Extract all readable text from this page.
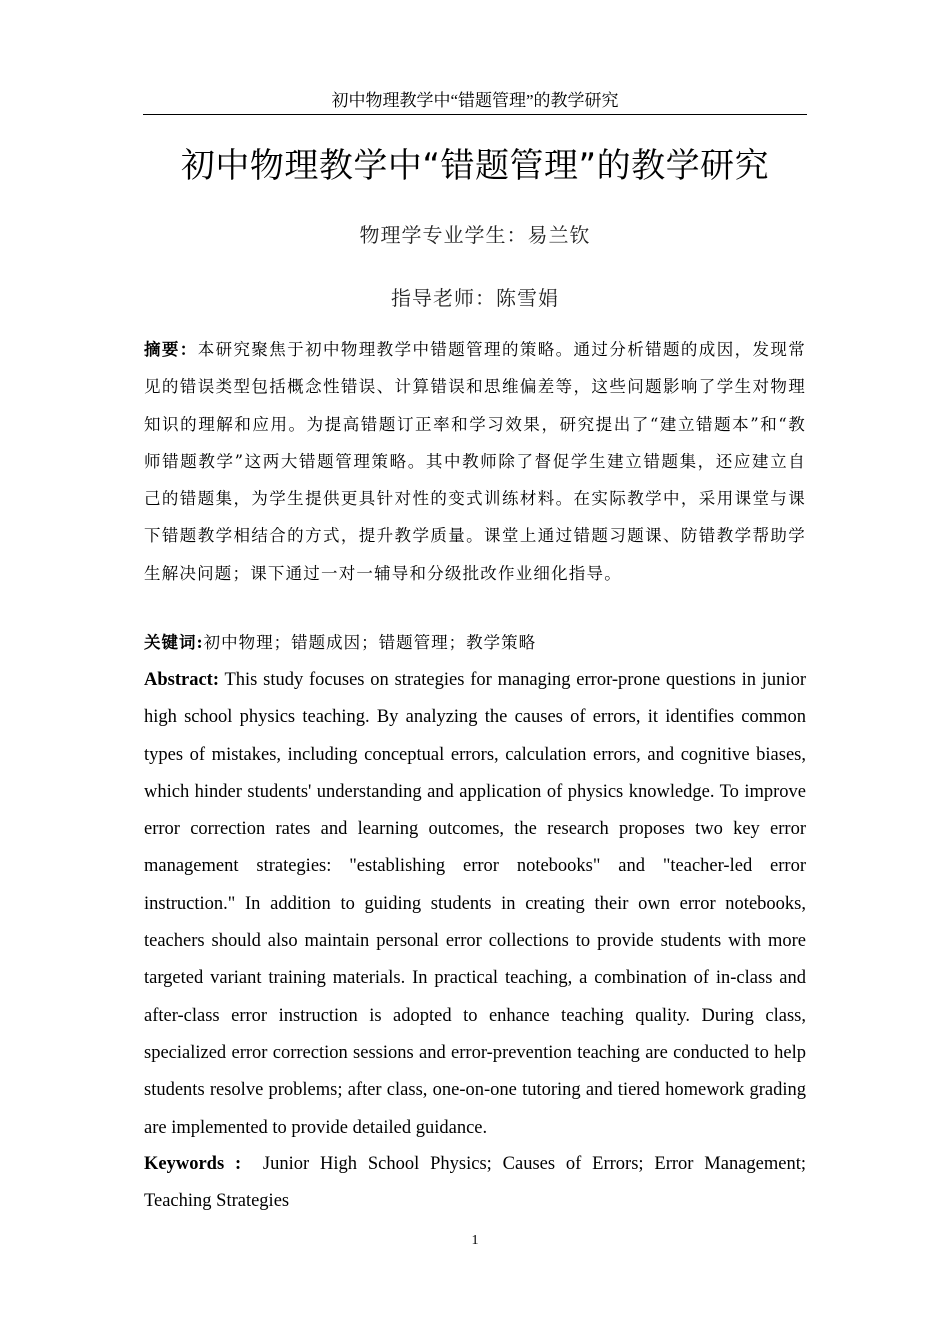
初中物理教学中“错题管理”的教学研究
初中物理教学中“错题管理”的教学研究
物理学专业学生：易兰钦
指导老师：陈雪娟

摘要：本研究聚焦于初中物理教学中错题管理的策略。通过分析错题的成因，发现常见的错误类型包括概念性错误、计算错误和思维偏差等，这些问题影响了学生对物理知识的理解和应用。为提高错题订正率和学习效果，研究提出了“建立错题本”和“教师错题教学”这两大错题管理策略。其中教师除了督促学生建立错题集，还应建立自己的错题集，为学生提供更具针对性的变式训练材料。在实际教学中，采用课堂与课下错题教学相结合的方式，提升教学质量。课堂上通过错题习题课、防错教学帮助学生解决问题；课下通过一对一辅导和分级批改作业细化指导。

关键词:初中物理；错题成因；错题管理；教学策略

Abstract: This study focuses on strategies for managing error-prone questions in junior high school physics teaching. By analyzing the causes of errors, it identifies common types of mistakes, including conceptual errors, calculation errors, and cognitive biases, which hinder students' understanding and application of physics knowledge. To improve error correction rates and learning outcomes, the research proposes two key error management strategies: "establishing error notebooks" and "teacher-led error instruction." In addition to guiding students in creating their own error notebooks, teachers should also maintain personal error collections to provide students with more targeted variant training materials. In practical teaching, a combination of in-class and after-class error instruction is adopted to enhance teaching quality. During class, specialized error correction sessions and error-prevention teaching are conducted to help students resolve problems; after class, one-on-one tutoring and tiered homework grading are implemented to provide detailed guidance.

Keywords : Junior High School Physics; Causes of Errors; Error Management; Teaching Strategies

1
